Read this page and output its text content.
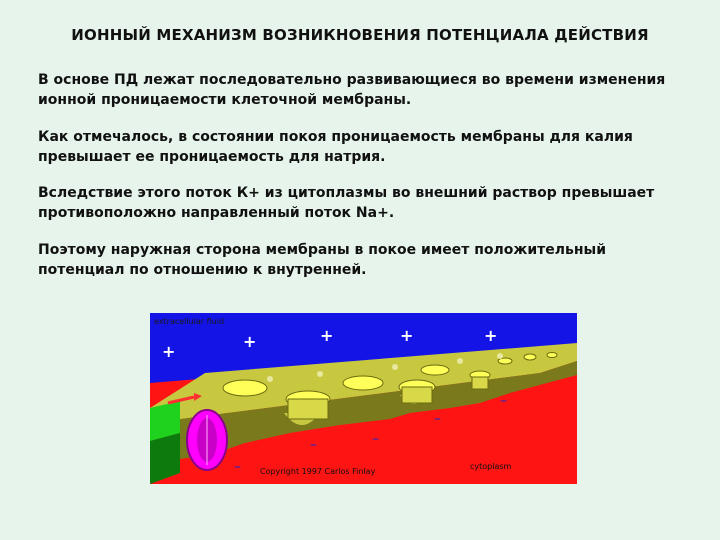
ИОННЫЙ МЕХАНИЗМ ВОЗНИКНОВЕНИЯ ПОТЕНЦИАЛА ДЕЙСТВИЯ
В основе ПД лежат последовательно развивающиеся во времени изменения ионной проницаемости клеточной мембраны.
Как отмечалось, в состоянии покоя проницаемость мембраны для калия превышает ее проницаемость для натрия.
Вследствие этого поток К+ из цитоплазмы во внешний раствор превышает противоположно направленный поток Na+.
Поэтому наружная сторона мембраны в покое имеет положительный потенциал по отношению к внутренней.
extracellular fluid
Copyright 1997 Carlos Finlay
cytoplasm
+
+	+	+	+
–
–	–
–
–
